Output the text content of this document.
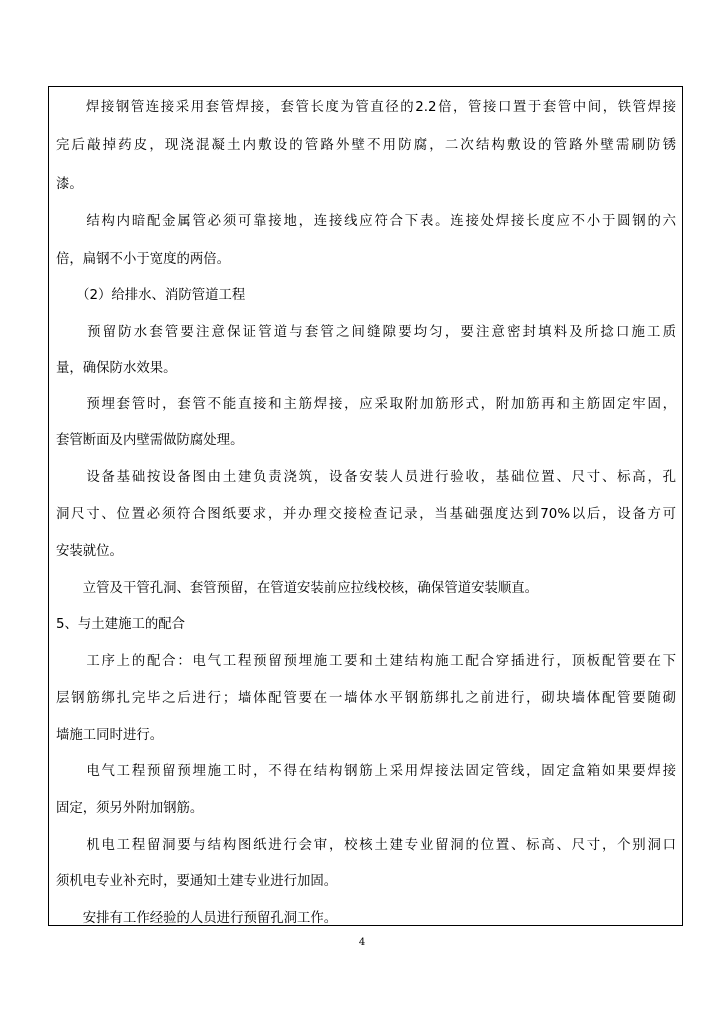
　　焊接钢管连接采用套管焊接，套管长度为管直径的2.2倍，管接口置于套管中间，铁管焊接
完后敲掉药皮，现浇混凝土内敷设的管路外壁不用防腐，二次结构敷设的管路外壁需刷防锈
漆。
　　结构内暗配金属管必须可靠接地，连接线应符合下表。连接处焊接长度应不小于圆钢的六
倍，扁钢不小于宽度的两倍。
　　（2）给排水、消防管道工程
　　预留防水套管要注意保证管道与套管之间缝隙要均匀，要注意密封填料及所捻口施工质
量，确保防水效果。
　　预埋套管时，套管不能直接和主筋焊接，应采取附加筋形式，附加筋再和主筋固定牢固，
套管断面及内壁需做防腐处理。
　　设备基础按设备图由土建负责浇筑，设备安装人员进行验收，基础位置、尺寸、标高，孔
洞尺寸、位置必须符合图纸要求，并办理交接检查记录，当基础强度达到70%以后，设备方可
安装就位。
　　立管及干管孔洞、套管预留，在管道安装前应拉线校核，确保管道安装顺直。
5、与土建施工的配合
　　工序上的配合：电气工程预留预埋施工要和土建结构施工配合穿插进行，顶板配管要在下
层钢筋绑扎完毕之后进行；墙体配管要在一墙体水平钢筋绑扎之前进行，砌块墙体配管要随砌
墙施工同时进行。
　　电气工程预留预埋施工时，不得在结构钢筋上采用焊接法固定管线，固定盒箱如果要焊接
固定，须另外附加钢筋。
　　机电工程留洞要与结构图纸进行会审，校核土建专业留洞的位置、标高、尺寸，个别洞口
须机电专业补充时，要通知土建专业进行加固。
　　安排有工作经验的人员进行预留孔洞工作。
4
